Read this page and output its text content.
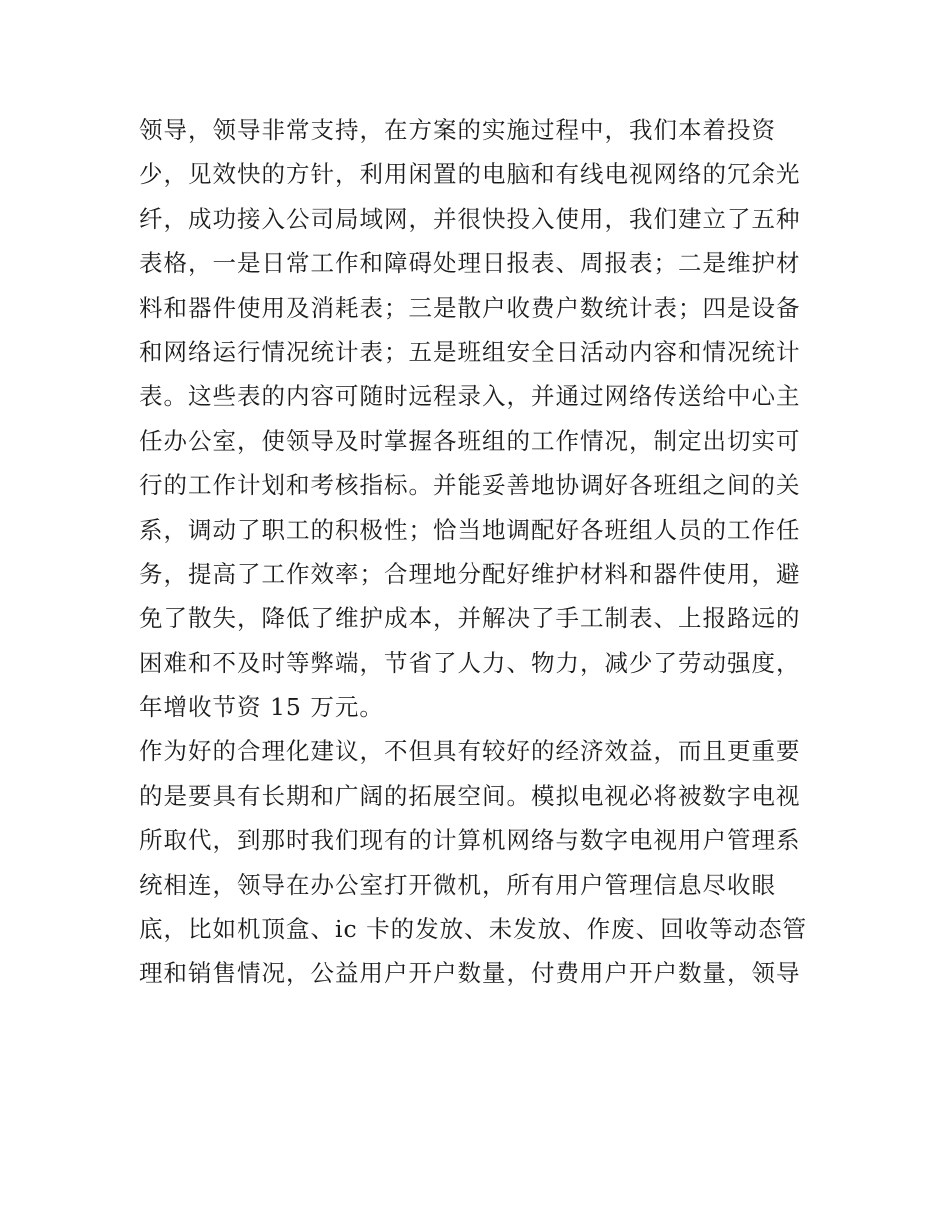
领导，领导非常支持，在方案的实施过程中，我们本着投资
少，见效快的方针，利用闲置的电脑和有线电视网络的冗余光
纤，成功接入公司局域网，并很快投入使用，我们建立了五种
表格，一是日常工作和障碍处理日报表、周报表；二是维护材
料和器件使用及消耗表；三是散户收费户数统计表；四是设备
和网络运行情况统计表；五是班组安全日活动内容和情况统计
表。这些表的内容可随时远程录入，并通过网络传送给中心主
任办公室，使领导及时掌握各班组的工作情况，制定出切实可
行的工作计划和考核指标。并能妥善地协调好各班组之间的关
系，调动了职工的积极性；恰当地调配好各班组人员的工作任
务，提高了工作效率；合理地分配好维护材料和器件使用，避
免了散失，降低了维护成本，并解决了手工制表、上报路远的
困难和不及时等弊端，节省了人力、物力，减少了劳动强度，
年增收节资 15 万元。
作为好的合理化建议，不但具有较好的经济效益，而且更重要
的是要具有长期和广阔的拓展空间。模拟电视必将被数字电视
所取代，到那时我们现有的计算机网络与数字电视用户管理系
统相连，领导在办公室打开微机，所有用户管理信息尽收眼
底，比如机顶盒、ic 卡的发放、未发放、作废、回收等动态管
理和销售情况，公益用户开户数量，付费用户开户数量，领导
